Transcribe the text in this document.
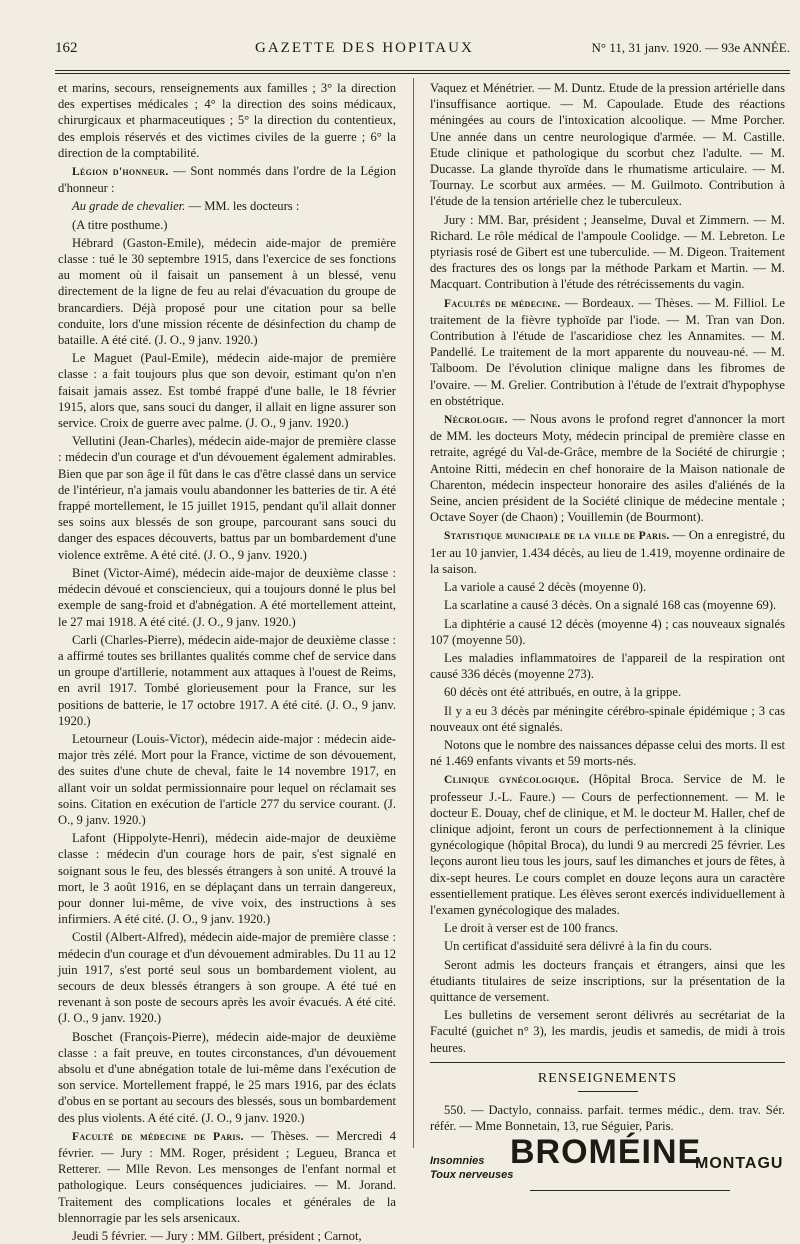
162	GAZETTE DES HOPITAUX	N° 11, 31 janv. 1920. — 93e ANNÉE.

et marins, secours, renseignements aux familles ; 3° la direction des expertises médicales ; 4° la direction des soins médicaux, chirurgicaux et pharmaceutiques ; 5° la direction du contentieux, des emplois réservés et des victimes civiles de la guerre ; 6° la direction de la comptabilité.

Légion d'honneur. — Sont nommés dans l'ordre de la Légion d'honneur :

Au grade de chevalier. — MM. les docteurs :

(A titre posthume.)

Hébrard (Gaston-Emile), médecin aide-major de première classe : tué le 30 septembre 1915, dans l'exercice de ses fonctions au moment où il faisait un pansement à un blessé, venu directement de la ligne de feu au relai d'évacuation du groupe de brancardiers. Déjà proposé pour une citation pour sa belle conduite, lors d'une mission récente de désinfection du champ de bataille. A été cité. (J. O., 9 janv. 1920.)

Le Maguet (Paul-Emile), médecin aide-major de première classe : a fait toujours plus que son devoir, estimant qu'on n'en faisait jamais assez. Est tombé frappé d'une balle, le 18 février 1915, alors que, sans souci du danger, il allait en ligne assurer son service. Croix de guerre avec palme. (J. O., 9 janv. 1920.)

Vellutini (Jean-Charles), médecin aide-major de première classe : médecin d'un courage et d'un dévouement également admirables. Bien que par son âge il fût dans le cas d'être classé dans un service de l'intérieur, n'a jamais voulu abandonner les batteries de tir. A été frappé mortellement, le 15 juillet 1915, pendant qu'il allait donner ses soins aux blessés de son groupe, parcourant sans souci du danger des espaces découverts, battus par un bombardement d'une violence extrême. A été cité. (J. O., 9 janv. 1920.)

Binet (Victor-Aimé), médecin aide-major de deuxième classe : médecin dévoué et consciencieux, qui a toujours donné le plus bel exemple de sang-froid et d'abnégation. A été mortellement atteint, le 27 mai 1918. A été cité. (J. O., 9 janv. 1920.)

Carli (Charles-Pierre), médecin aide-major de deuxième classe : a affirmé toutes ses brillantes qualités comme chef de service dans un groupe d'artillerie, notamment aux attaques à l'ouest de Reims, en avril 1917. Tombé glorieusement pour la France, sur les positions de batterie, le 17 octobre 1917. A été cité. (J. O., 9 janv. 1920.)

Letourneur (Louis-Victor), médecin aide-major : médecin aide-major très zélé. Mort pour la France, victime de son dévouement, des suites d'une chute de cheval, faite le 14 novembre 1917, en allant voir un soldat permissionnaire pour lequel on réclamait ses soins. Citation en exécution de l'article 277 du service courant. (J. O., 9 janv. 1920.)

Lafont (Hippolyte-Henri), médecin aide-major de deuxième classe : médecin d'un courage hors de pair, s'est signalé en soignant sous le feu, des blessés étrangers à son unité. A trouvé la mort, le 3 août 1916, en se déplaçant dans un terrain dangereux, pour donner lui-même, de vive voix, des instructions à ses infirmiers. A été cité. (J. O., 9 janv. 1920.)

Costil (Albert-Alfred), médecin aide-major de première classe : médecin d'un courage et d'un dévouement admirables. Du 11 au 12 juin 1917, s'est porté seul sous un bombardement violent, au secours de deux blessés étrangers à son groupe. A été tué en revenant à son poste de secours après les avoir évacués. A été cité. (J. O., 9 janv. 1920.)

Boschet (François-Pierre), médecin aide-major de deuxième classe : a fait preuve, en toutes circonstances, d'un dévouement absolu et d'une abnégation totale de lui-même dans l'exécution de son service. Mortellement frappé, le 25 mars 1916, par des éclats d'obus en se portant au secours des blessés, sous un bombardement des plus violents. A été cité. (J. O., 9 janv. 1920.)

Faculté de médecine de Paris. — Thèses. — Mercredi 4 février. — Jury : MM. Roger, président ; Legueu, Branca et Retterer. — Mlle Revon. Les mensonges de l'enfant normal et pathologique. Leurs conséquences judiciaires. — M. Jorand. Traitement des complications locales et générales de la blennorragie par les sels arsenicaux.

Jeudi 5 février. — Jury : MM. Gilbert, président ; Carnot,

Vaquez et Ménétrier. — M. Duntz. Etude de la pression artérielle dans l'insuffisance aortique. — M. Capoulade. Etude des réactions méningées au cours de l'intoxication alcoolique. — Mme Porcher. Une année dans un centre neurologique d'armée. — M. Castille. Etude clinique et pathologique du scorbut chez l'adulte. — M. Ducasse. La glande thyroïde dans le rhumatisme articulaire. — M. Tournay. Le scorbut aux armées. — M. Guilmoto. Contribution à l'étude de la tension artérielle chez le tuberculeux.

Jury : MM. Bar, président ; Jeanselme, Duval et Zimmern. — M. Richard. Le rôle médical de l'ampoule Coolidge. — M. Lebreton. Le ptyriasis rosé de Gibert est une tuberculide. — M. Digeon. Traitement des fractures des os longs par la méthode Parkam et Martin. — M. Macquart. Contribution à l'étude des rétrécissements du vagin.

Facultés de médecine. — Bordeaux. — Thèses. — M. Filliol. Le traitement de la fièvre typhoïde par l'iode. — M. Tran van Don. Contribution à l'étude de l'ascaridiose chez les Annamites. — M. Pandellé. Le traitement de la mort apparente du nouveau-né. — M. Talboom. De l'évolution clinique maligne dans les fibromes de l'ovaire. — M. Grelier. Contribution à l'étude de l'extrait d'hypophyse en obstétrique.

Nécrologie. — Nous avons le profond regret d'annoncer la mort de MM. les docteurs Moty, médecin principal de première classe en retraite, agrégé du Val-de-Grâce, membre de la Société de chirurgie ; Antoine Ritti, médecin en chef honoraire de la Maison nationale de Charenton, médecin inspecteur honoraire des asiles d'aliénés de la Seine, ancien président de la Société clinique de médecine mentale ; Octave Soyer (de Chaon) ; Vouillemin (de Bourmont).

Statistique municipale de la ville de Paris. — On a enregistré, du 1er au 10 janvier, 1.434 décès, au lieu de 1.419, moyenne ordinaire de la saison.

La variole a causé 2 décès (moyenne 0).

La scarlatine a causé 3 décès. On a signalé 168 cas (moyenne 69).

La diphtérie a causé 12 décès (moyenne 4) ; cas nouveaux signalés 107 (moyenne 50).

Les maladies inflammatoires de l'appareil de la respiration ont causé 336 décès (moyenne 273).

60 décès ont été attribués, en outre, à la grippe.

Il y a eu 3 décès par méningite cérébro-spinale épidémique ; 3 cas nouveaux ont été signalés.

Notons que le nombre des naissances dépasse celui des morts. Il est né 1.469 enfants vivants et 59 morts-nés.

Clinique gynécologique. (Hôpital Broca. Service de M. le professeur J.-L. Faure.) — Cours de perfectionnement. — M. le docteur E. Douay, chef de clinique, et M. le docteur M. Haller, chef de clinique adjoint, feront un cours de perfectionnement à la clinique gynécologique (hôpital Broca), du lundi 9 au mercredi 25 février. Les leçons auront lieu tous les jours, sauf les dimanches et jours de fêtes, à dix-sept heures. Le cours complet en douze leçons aura un caractère essentiellement pratique. Les élèves seront exercés individuellement à l'examen gynécologique des malades.

Le droit à verser est de 100 francs.

Un certificat d'assiduité sera délivré à la fin du cours.

Seront admis les docteurs français et étrangers, ainsi que les étudiants titulaires de seize inscriptions, sur la présentation de la quittance de versement.

Les bulletins de versement seront délivrés au secrétariat de la Faculté (guichet n° 3), les mardis, jeudis et samedis, de midi à trois heures.

RENSEIGNEMENTS

550. — Dactylo, connaiss. parfait. termes médic., dem. trav. Sér. référ. — Mme Bonnetain, 13, rue Séguier, Paris.

Insomnies
Toux nerveuses
BROMÉINE
MONTAGU
